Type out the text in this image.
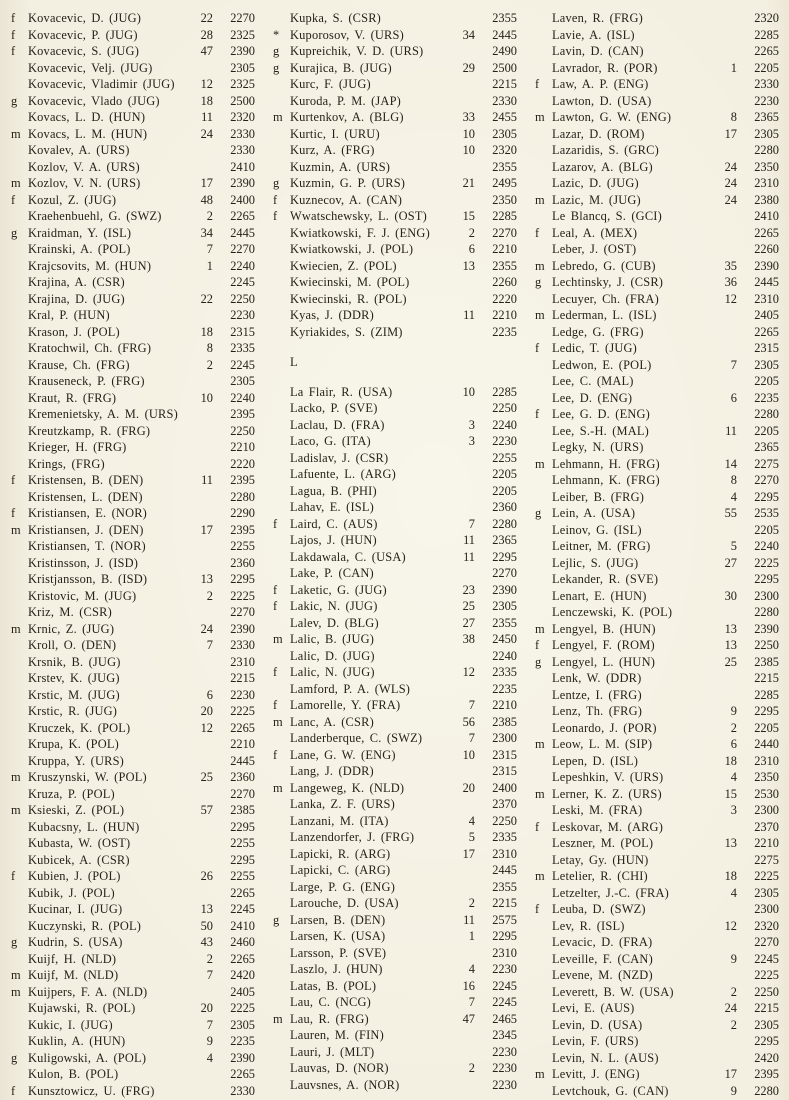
f	Kovacevic, D. (JUG)	22	2270
f	Kovacevic, P. (JUG)	28	2325
f	Kovacevic, S. (JUG)	47	2390
Kovacevic, Velj. (JUG)	2305
Kovacevic, Vladimir (JUG)	12	2325
g Kovacevic, Vlado (JUG)	18	2500
Kovacs, L. D. (HUN)	11	2320
m Kovacs, L. M. (HUN)	24	2330
Kovalev, A. (URS)	2330
Kozlov, V. A. (URS)	2410
m Kozlov, V. N. (URS)	17	2390
f	Kozul, Z. (JUG)	48	2400
Kraehenbuehl, G. (SWZ)	2	2265
g Kraidman, Y. (ISL)	34	2445
Krainski, A. (POL)	7	2270
Krajcsovits, M. (HUN)	1	2240
Krajina, A. (CSR)	2245
Krajina, D. (JUG)	22	2250
Kral, P. (HUN)	2230
Krason, J. (POL)	18	2315
Kratochwil, Ch. (FRG)	8	2335
Krause, Ch. (FRG)	2	2245
Krauseneck, P. (FRG)	2305
Kraut, R. (FRG)	10	2240
Kremenietsky, A. M. (URS)	2395
Kreutzkamp, R. (FRG)	2250
Krieger, H. (FRG)	2210
Krings, (FRG)	2220
f	Kristensen, B. (DEN)	11	2395
Kristensen, L. (DEN)	2280
f	Kristiansen, E. (NOR)	2290
m Kristiansen, J. (DEN)	17	2395
Kristiansen, T. (NOR)	2255
Kristinsson, J. (ISD)	2360
Kristjansson, B. (ISD)	13	2295
Kristovic, M. (JUG)	2	2225
Kriz, M. (CSR)	2270
m Krnic, Z. (JUG)	24	2390
Kroll, O. (DEN)	7	2330
Krsnik, B. (JUG)	2310
Krstev, K. (JUG)	2215
Krstic, M. (JUG)	6	2230
Krstic, R. (JUG)	20	2225
Kruczek, K. (POL)	12	2265
Krupa, K. (POL)	2210
Kruppa, Y. (URS)	2445
m Kruszynski, W. (POL)	25	2360
Kruza, P. (POL)	2270
m Ksieski, Z. (POL)	57	2385
Kubacsny, L. (HUN)	2295
Kubasta, W. (OST)	2255
Kubicek, A. (CSR)	2295
f	Kubien, J. (POL)	26	2255
Kubik, J. (POL)	2265
Kucinar, I. (JUG)	13	2245
Kuczynski, R. (POL)	50	2410
g Kudrin, S. (USA)	43	2460
Kuijf, H. (NLD)	2	2265
m Kuijf, M. (NLD)	7	2420
m Kuijpers, F. A. (NLD)	2405
Kujawski, R. (POL)	20	2225
Kukic, I. (JUG)	7	2305
Kuklin, A. (HUN)	9	2235
g Kuligowski, A. (POL)	4	2390
Kulon, B. (POL)	2265
f	Kunsztowicz, U. (FRG)	2330
Kupka, S. (CSR)	2355
* Kuporosov, V. (URS)	34	2445
g Kupreichik, V. D. (URS)	2490
g Kurajica, B. (JUG)	29	2500
Kurc, F. (JUG)	2215
Kuroda, P. M. (JAP)	2330
m Kurtenkov, A. (BLG)	33	2455
Kurtic, I. (URU)	10	2305
Kurz, A. (FRG)	10	2320
Kuzmin, A. (URS)	2355
g Kuzmin, G. P. (URS)	21	2495
f	Kuznecov, A. (CAN)	2350
f	Wwatschewsky, L. (OST)	15	2285
Kwiatkowski, F. J. (ENG)	2	2270
Kwiatkowski, J. (POL)	6	2210
Kwiecien, Z. (POL)	13	2355
Kwiecinski, M. (POL)	2260
Kwiecinski, R. (POL)	2220
Kyas, J. (DDR)	11	2210
Kyriakides, S. (ZIM)	2235
L
La Flair, R. (USA)	10	2285
Lacko, P. (SVE)	2250
Laclau, D. (FRA)	3	2240
Laco, G. (ITA)	3	2230
Ladislav, J. (CSR)	2255
Lafuente, L. (ARG)	2205
Lagua, B. (PHI)	2205
Lahav, E. (ISL)	2360
f	Laird, C. (AUS)	7	2280
Lajos, J. (HUN)	11	2365
Lakdawala, C. (USA)	11	2295
Lake, P. (CAN)	2270
f	Laketic, G. (JUG)	23	2390
f	Lakic, N. (JUG)	25	2305
Lalev, D. (BLG)	27	2355
m Lalic, B. (JUG)	38	2450
Lalic, D. (JUG)	2240
f	Lalic, N. (JUG)	12	2335
Lamford, P. A. (WLS)	2235
f	Lamorelle, Y. (FRA)	7	2210
m Lanc, A. (CSR)	56	2385
Landerberque, C. (SWZ)	7	2300
f	Lane, G. W. (ENG)	10	2315
Lang, J. (DDR)	2315
m Langeweg, K. (NLD)	20	2400
Lanka, Z. F. (URS)	2370
Lanzani, M. (ITA)	4	2250
Lanzendorfer, J. (FRG)	5	2335
Lapicki, R. (ARG)	17	2310
Lapicki, C. (ARG)	2445
Large, P. G. (ENG)	2355
Larouche, D. (USA)	2	2215
g Larsen, B. (DEN)	11	2575
Larsen, K. (USA)	1	2295
Larsson, P. (SVE)	2310
Laszlo, J. (HUN)	4	2230
Latas, B. (POL)	16	2245
Lau, C. (NCG)	7	2245
m Lau, R. (FRG)	47	2465
Lauren, M. (FIN)	2345
Lauri, J. (MLT)	2230
Lauvas, D. (NOR)	2	2230
Lauvsnes, A. (NOR)	2230
Laven, R. (FRG)	2320
Lavie, A. (ISL)	2285
Lavin, D. (CAN)	2265
Lavrador, R. (POR)	1	2205
f	Law, A. P. (ENG)	2330
Lawton, D. (USA)	2230
m Lawton, G. W. (ENG)	8	2365
Lazar, D. (ROM)	17	2305
Lazaridis, S. (GRC)	2280
Lazarov, A. (BLG)	24	2350
Lazic, D. (JUG)	24	2310
m Lazic, M. (JUG)	24	2380
Le Blancq, S. (GCI)	2410
f	Leal, A. (MEX)	2265
Leber, J. (OST)	2260
m Lebredo, G. (CUB)	35	2390
g Lechtinsky, J. (CSR)	36	2445
Lecuyer, Ch. (FRA)	12	2310
m Lederman, L. (ISL)	2405
Ledge, G. (FRG)	2265
f	Ledic, T. (JUG)	2315
Ledwon, E. (POL)	7	2305
Lee, C. (MAL)	2205
Lee, D. (ENG)	6	2235
f	Lee, G. D. (ENG)	2280
Lee, S.-H. (MAL)	11	2205
Legky, N. (URS)	2365
m Lehmann, H. (FRG)	14	2275
Lehmann, K. (FRG)	8	2270
Leiber, B. (FRG)	4	2295
g Lein, A. (USA)	55	2535
Leinov, G. (ISL)	2205
Leitner, M. (FRG)	5	2240
Lejlic, S. (JUG)	27	2225
Lekander, R. (SVE)	2295
Lenart, E. (HUN)	30	2300
Lenczewski, K. (POL)	2280
m Lengyel, B. (HUN)	13	2390
f	Lengyel, F. (ROM)	13	2250
g Lengyel, L. (HUN)	25	2385
Lenk, W. (DDR)	2215
Lentze, I. (FRG)	2285
Lenz, Th. (FRG)	9	2295
Leonardo, J. (POR)	2	2205
m Leow, L. M. (SIP)	6	2440
Lepen, D. (ISL)	18	2310
Lepeshkin, V. (URS)	4	2350
m Lerner, K. Z. (URS)	15	2530
Leski, M. (FRA)	3	2300
f	Leskovar, M. (ARG)	2370
Leszner, M. (POL)	13	2210
Letay, Gy. (HUN)	2275
m Letelier, R. (CHI)	18	2225
Letzelter, J.-C. (FRA)	4	2305
f	Leuba, D. (SWZ)	2300
Lev, R. (ISL)	12	2320
Levacic, D. (FRA)	2270
Leveille, F. (CAN)	9	2245
Levene, M. (NZD)	2225
Leverett, B. W. (USA)	2	2250
Levi, E. (AUS)	24	2215
Levin, D. (USA)	2	2305
Levin, F. (URS)	2295
Levin, N. L. (AUS)	2420
m Levitt, J. (ENG)	17	2395
Levtchouk, G. (CAN)	9	2280
